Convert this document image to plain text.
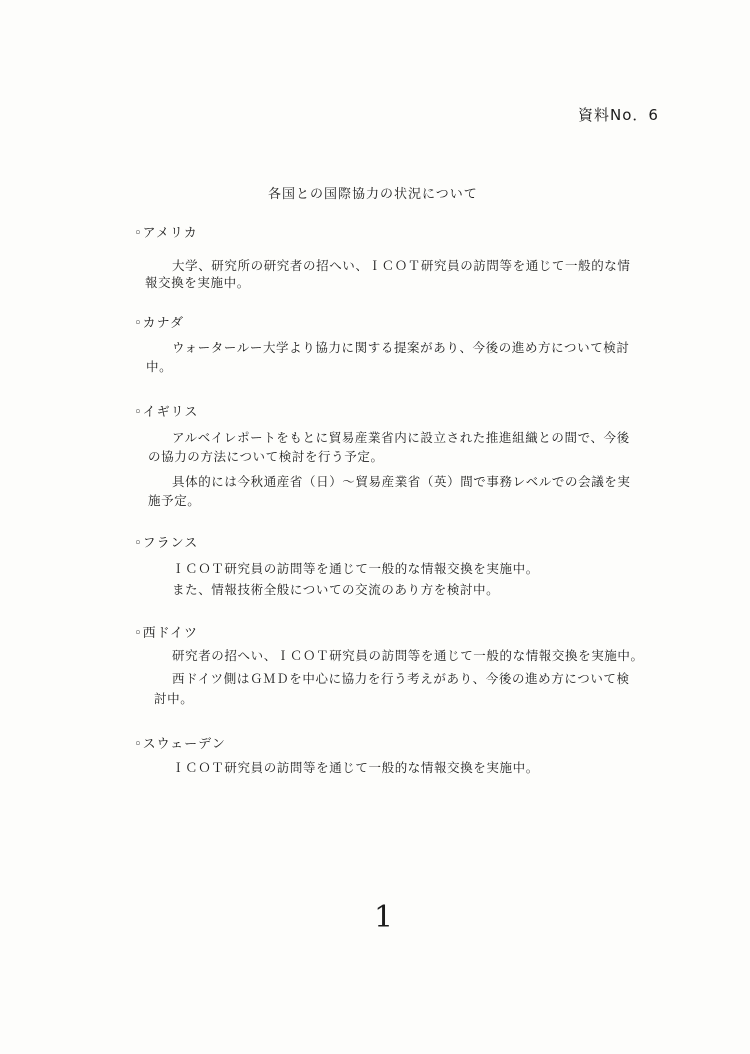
資料No．6
各国との国際協力の状況について
◦アメリカ
大学、研究所の研究者の招へい、ＩＣＯＴ研究員の訪問等を通じて一般的な情
報交換を実施中。
◦カナダ
ウォータールー大学より協力に関する提案があり、今後の進め方について検討
中。
◦イギリス
アルベイレポートをもとに貿易産業省内に設立された推進組織との間で、今後
の協力の方法について検討を行う予定。
具体的には今秋通産省（日）～貿易産業省（英）間で事務レベルでの会議を実
施予定。
◦フランス
ＩＣＯＴ研究員の訪問等を通じて一般的な情報交換を実施中。
また、情報技術全般についての交流のあり方を検討中。
◦西ドイツ
研究者の招へい、ＩＣＯＴ研究員の訪問等を通じて一般的な情報交換を実施中。
西ドイツ側はＧＭＤを中心に協力を行う考えがあり、今後の進め方について検
討中。
◦スウェーデン
ＩＣＯＴ研究員の訪問等を通じて一般的な情報交換を実施中。
1
